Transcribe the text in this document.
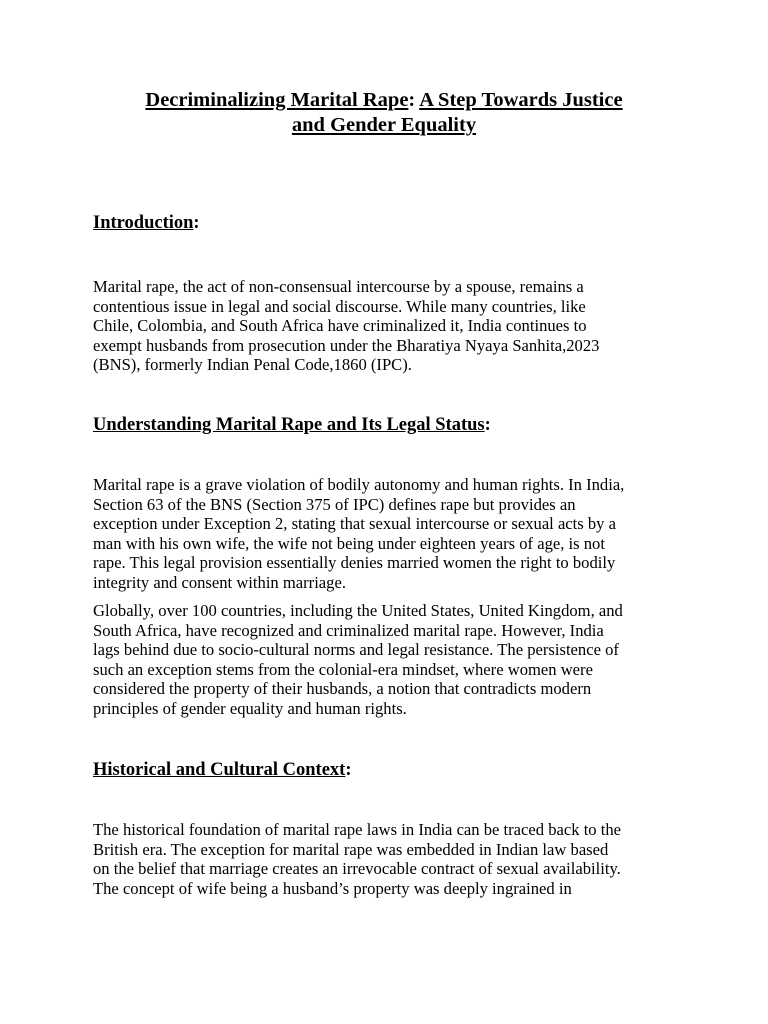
Decriminalizing Marital Rape: A Step Towards Justice
and Gender Equality
Introduction:
Marital rape, the act of non-consensual intercourse by a spouse, remains a
contentious issue in legal and social discourse. While many countries, like
Chile, Colombia, and South Africa have criminalized it, India continues to
exempt husbands from prosecution under the Bharatiya Nyaya Sanhita,2023
(BNS), formerly Indian Penal Code,1860 (IPC).
Understanding Marital Rape and Its Legal Status:
Marital rape is a grave violation of bodily autonomy and human rights. In India,
Section 63 of the BNS (Section 375 of IPC) defines rape but provides an
exception under Exception 2, stating that sexual intercourse or sexual acts by a
man with his own wife, the wife not being under eighteen years of age, is not
rape. This legal provision essentially denies married women the right to bodily
integrity and consent within marriage.
Globally, over 100 countries, including the United States, United Kingdom, and
South Africa, have recognized and criminalized marital rape. However, India
lags behind due to socio-cultural norms and legal resistance. The persistence of
such an exception stems from the colonial-era mindset, where women were
considered the property of their husbands, a notion that contradicts modern
principles of gender equality and human rights.
Historical and Cultural Context:
The historical foundation of marital rape laws in India can be traced back to the
British era. The exception for marital rape was embedded in Indian law based
on the belief that marriage creates an irrevocable contract of sexual availability.
The concept of wife being a husband’s property was deeply ingrained in
